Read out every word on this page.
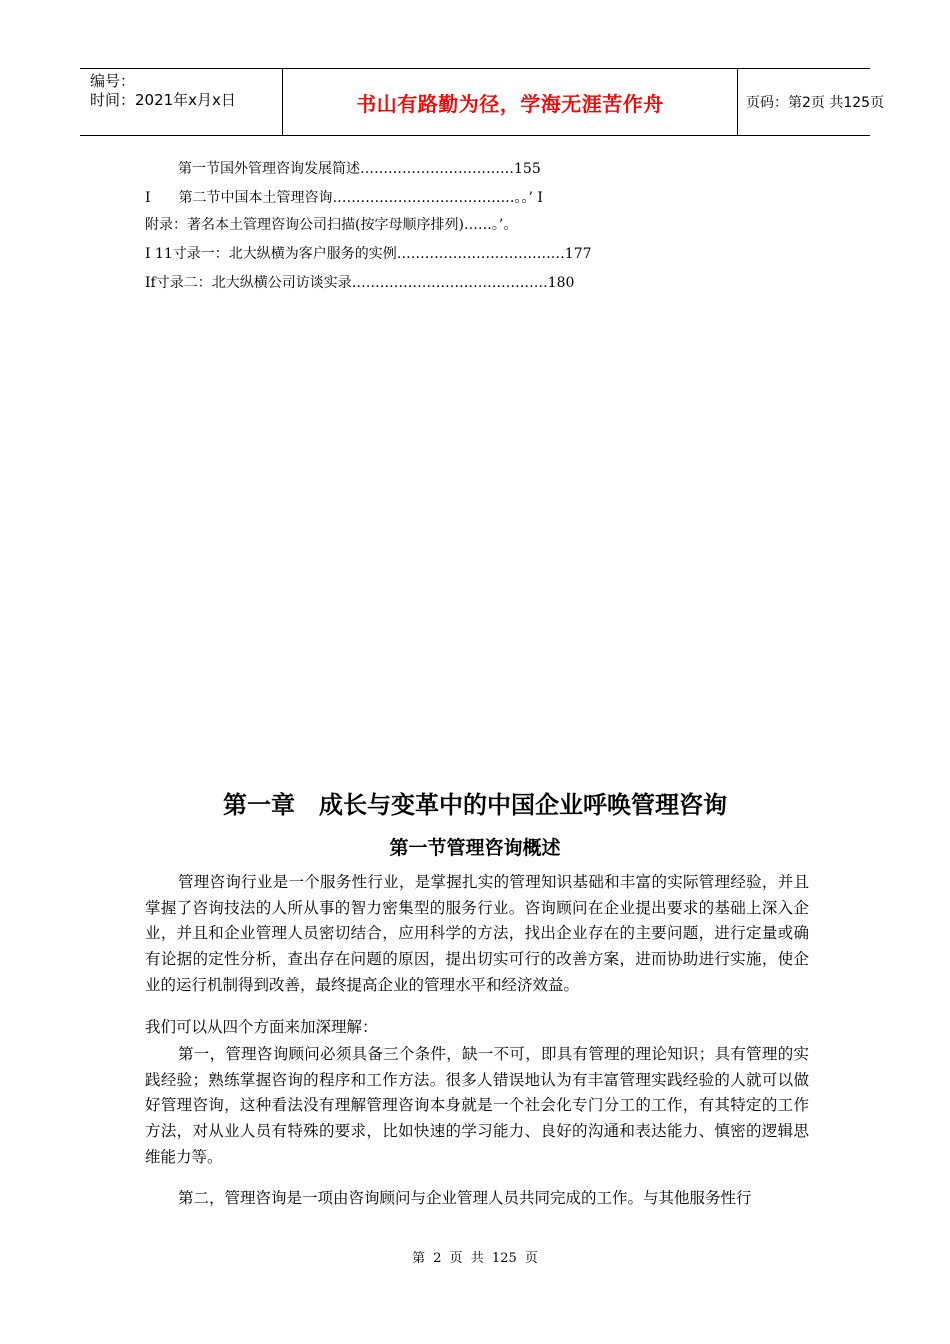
编号：
时间：2021年x月x日	书山有路勤为径，学海无涯苦作舟	页码：第2页 共125页
第一节国外管理咨询发展简述……………………………155
I　　第二节中国本土管理咨询…………………………………。。’ I
附录：著名本土管理咨询公司扫描(按字母顺序排列)……。’。
I 11寸录一：北大纵横为客户服务的实例………………………………177
If寸录二：北大纵横公司访谈实录……………………………………180
第一章　成长与变革中的中国企业呼唤管理咨询
第一节管理咨询概述

管理咨询行业是一个服务性行业，是掌握扎实的管理知识基础和丰富的实际管理经验，并且掌握了咨询技法的人所从事的智力密集型的服务行业。咨询顾问在企业提出要求的基础上深入企业，并且和企业管理人员密切结合，应用科学的方法，找出企业存在的主要问题，进行定量或确有论据的定性分析，查出存在问题的原因，提出切实可行的改善方案，进而协助进行实施，使企业的运行机制得到改善，最终提高企业的管理水平和经济效益。

我们可以从四个方面来加深理解：

第一，管理咨询顾问必须具备三个条件，缺一不可，即具有管理的理论知识；具有管理的实践经验；熟练掌握咨询的程序和工作方法。很多人错误地认为有丰富管理实践经验的人就可以做好管理咨询，这种看法没有理解管理咨询本身就是一个社会化专门分工的工作，有其特定的工作方法，对从业人员有特殊的要求，比如快速的学习能力、良好的沟通和表达能力、慎密的逻辑思维能力等。

第二，管理咨询是一项由咨询顾问与企业管理人员共同完成的工作。与其他服务性行

第 2 页 共 125 页
